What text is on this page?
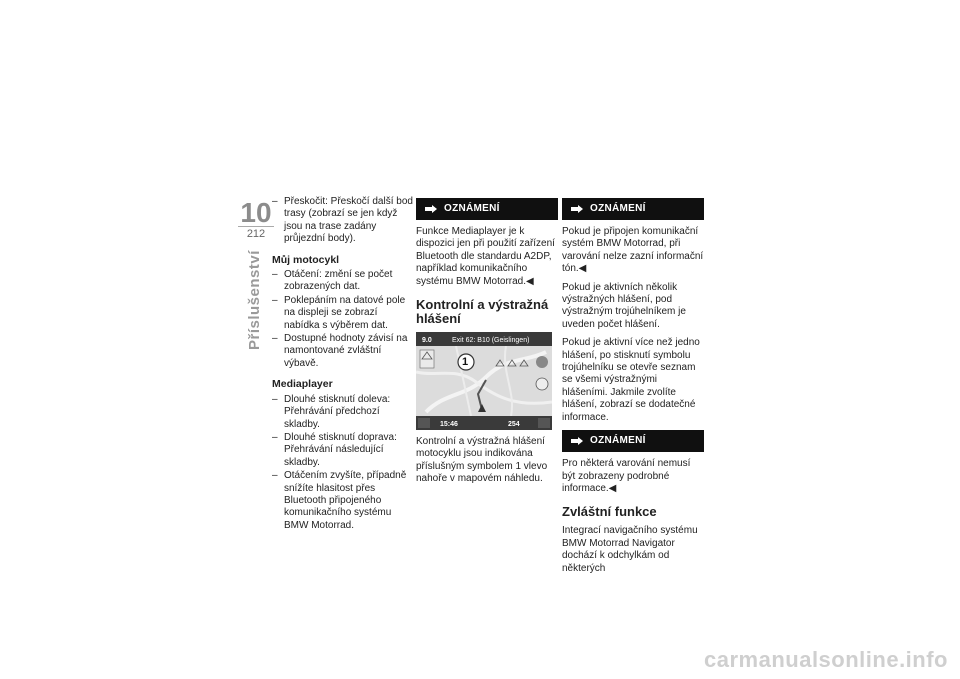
10
212
Příslušenství
– Přeskočit: Přeskočí další bod trasy (zobrazí se jen když jsou na trase zadány průjezdní body).
Můj motocykl
– Otáčení: změní se počet zobrazených dat.
– Poklepáním na datové pole na displeji se zobrazí nabídka s výběrem dat.
– Dostupné hodnoty závisí na namontované zvláštní výbavě.
Mediaplayer
– Dlouhé stisknutí doleva: Přehrávání předchozí skladby.
– Dlouhé stisknutí doprava: Přehrávání následující skladby.
– Otáčením zvyšíte, případně snížíte hlasitost přes Bluetooth připojeného komunikačního systému BMW Motorrad.
OZNÁMENÍ

Funkce Mediaplayer je k dispozici jen při použití zařízení Bluetooth dle standardu A2DP, například komunikačního systému BMW Motorrad.◀

Kontrolní a výstražná hlášení
9.0	Exit 62: B10 (Geislingen)
1
15:46	254

Kontrolní a výstražná hlášení motocyklu jsou indikována příslušným symbolem 1 vlevo nahoře v mapovém náhledu.

OZNÁMENÍ

Pokud je připojen komunikační systém BMW Motorrad, při varování nelze zazní informační tón.◀

Pokud je aktivních několik výstražných hlášení, pod výstražným trojúhelníkem je uveden počet hlášení.

Pokud je aktivní více než jedno hlášení, po stisknutí symbolu trojúhelníku se otevře seznam se všemi výstražnými hlášeními. Jakmile zvolíte hlášení, zobrazí se dodatečné informace.

OZNÁMENÍ

Pro některá varování nemusí být zobrazeny podrobné informace.◀

Zvláštní funkce

Integrací navigačního systému BMW Motorrad Navigator dochází k odchylkám od některých

carmanualsonline.info
